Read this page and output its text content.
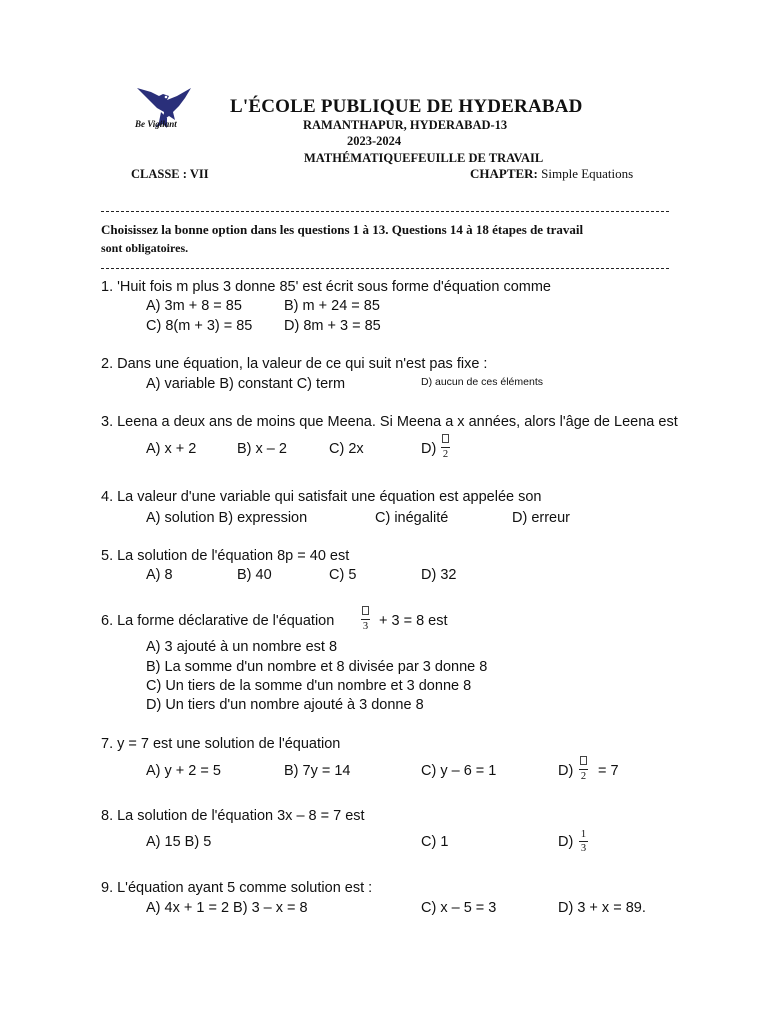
Be Vigilant
L'ÉCOLE PUBLIQUE DE HYDERABAD
RAMANTHAPUR, HYDERABAD-13
2023-2024
MATHÉMATIQUEFEUILLE DE TRAVAIL
CLASSE : VII	CHAPTER: Simple Equations
Choisissez la bonne option dans les questions 1 à 13. Questions 14 à 18 étapes de travail
sont obligatoires.
1. 'Huit fois m plus 3 donne 85' est écrit sous forme d'équation comme
A) 3m + 8 = 85	B) m + 24 = 85
C) 8(m + 3) = 85 D) 8m + 3 = 85
2. Dans une équation, la valeur de ce qui suit n'est pas fixe :
A) variable B) constant C) term	D) aucun de ces éléments
3. Leena a deux ans de moins que Meena. Si Meena a x années, alors l'âge de Leena est
A) x + 2	B) x – 2	C) 2x	D) 2
4. La valeur d'une variable qui satisfait une équation est appelée son
A) solution B) expression	C) inégalité	D) erreur
5. La solution de l'équation 8p = 40 est
A) 8	B) 40	C) 5	D) 32
6. La forme déclarative de l'équation	3 + 3 = 8 est
A) 3 ajouté à un nombre est 8
B) La somme d'un nombre et 8 divisée par 3 donne 8
C) Un tiers de la somme d'un nombre et 3 donne 8
D) Un tiers d'un nombre ajouté à 3 donne 8
7. y = 7 est une solution de l'équation
A) y + 2 = 5	B) 7y = 14	C) y – 6 = 1	D) 2 = 7
8. La solution de l'équation 3x – 8 = 7 est
A) 15 B) 5	C) 1	D) 1
3
9. L'équation ayant 5 comme solution est :
A) 4x + 1 = 2 B) 3 – x = 8	C) x – 5 = 3	D) 3 + x = 89.
